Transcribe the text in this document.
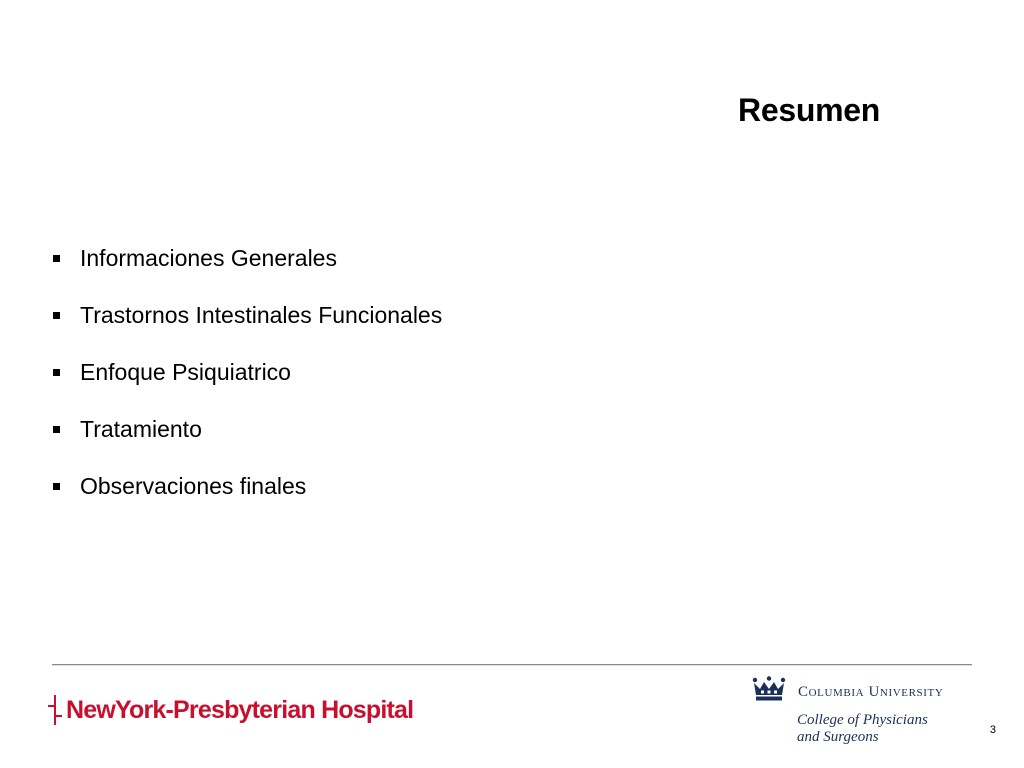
Resumen
Informaciones Generales
Trastornos Intestinales Funcionales
Enfoque Psiquiatrico
Tratamiento
Observaciones finales
NewYork-Presbyterian Hospital
Columbia University
College of Physicians
and Surgeons	3
